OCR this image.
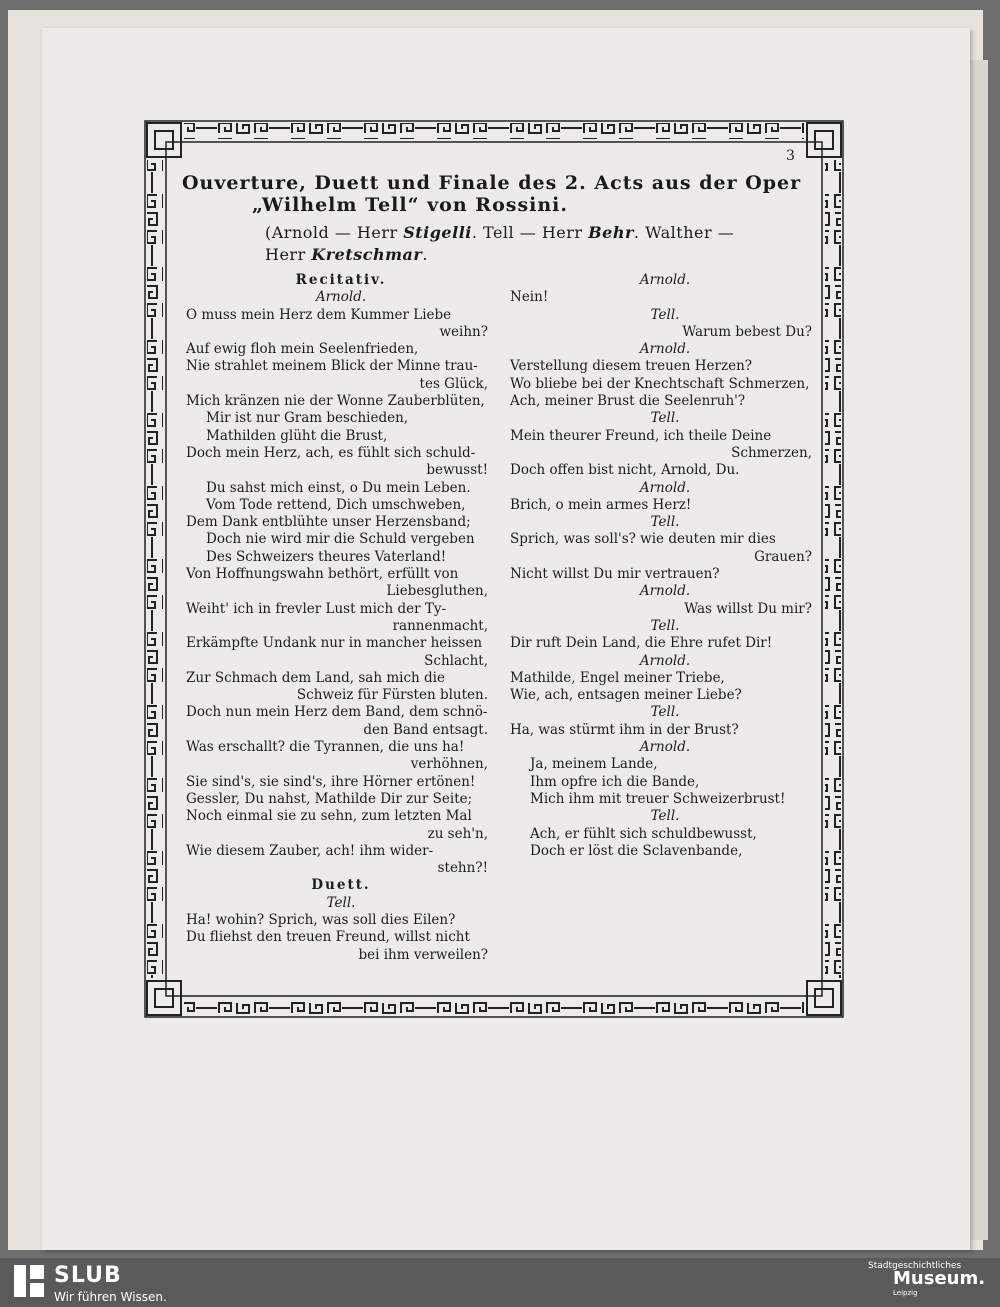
3
Ouverture, Duett und Finale des 2. Acts aus der Oper
„Wilhelm Tell“ von Rossini.
(Arnold — Herr Stigelli. Tell — Herr Behr. Walther —
Herr Kretschmar.
Recitativ.
Arnold.
O muss mein Herz dem Kummer Liebe
weihn?
Auf ewig floh mein Seelenfrieden,
Nie strahlet meinem Blick der Minne trau-
tes Glück,
Mich kränzen nie der Wonne Zauberblüten,
Mir ist nur Gram beschieden,
Mathilden glüht die Brust,
Doch mein Herz, ach, es fühlt sich schuld-
bewusst!
Du sahst mich einst, o Du mein Leben.
Vom Tode rettend, Dich umschweben,
Dem Dank entblühte unser Herzensband;
Doch nie wird mir die Schuld vergeben
Des Schweizers theures Vaterland!
Von Hoffnungswahn bethört, erfüllt von
Liebesgluthen,
Weiht' ich in frevler Lust mich der Ty-
rannenmacht,
Erkämpfte Undank nur in mancher heissen
Schlacht,
Zur Schmach dem Land, sah mich die
Schweiz für Fürsten bluten.
Doch nun mein Herz dem Band, dem schnö-
den Band entsagt.
Was erschallt? die Tyrannen, die uns ha!
verhöhnen,
Sie sind's, sie sind's, ihre Hörner ertönen!
Gessler, Du nahst, Mathilde Dir zur Seite;
Noch einmal sie zu sehn, zum letzten Mal
zu seh'n,
Wie diesem Zauber, ach! ihm wider-
stehn?!
Duett.
Tell.
Ha! wohin? Sprich, was soll dies Eilen?
Du fliehst den treuen Freund, willst nicht
bei ihm verweilen?
Arnold.
Nein!
Tell.
Warum bebest Du?
Arnold.
Verstellung diesem treuen Herzen?
Wo bliebe bei der Knechtschaft Schmerzen,
Ach, meiner Brust die Seelenruh'?
Tell.
Mein theurer Freund, ich theile Deine
Schmerzen,
Doch offen bist nicht, Arnold, Du.
Arnold.
Brich, o mein armes Herz!
Tell.
Sprich, was soll's? wie deuten mir dies
Grauen?
Nicht willst Du mir vertrauen?
Arnold.
Was willst Du mir?
Tell.
Dir ruft Dein Land, die Ehre rufet Dir!
Arnold.
Mathilde, Engel meiner Triebe,
Wie, ach, entsagen meiner Liebe?
Tell.
Ha, was stürmt ihm in der Brust?
Arnold.
Ja, meinem Lande,
Ihm opfre ich die Bande,
Mich ihm mit treuer Schweizerbrust!
Tell.
Ach, er fühlt sich schuldbewusst,
Doch er löst die Sclavenbande,
SLUB
Wir führen Wissen.
Stadtgeschichtliches
Museum.
Leipzig
